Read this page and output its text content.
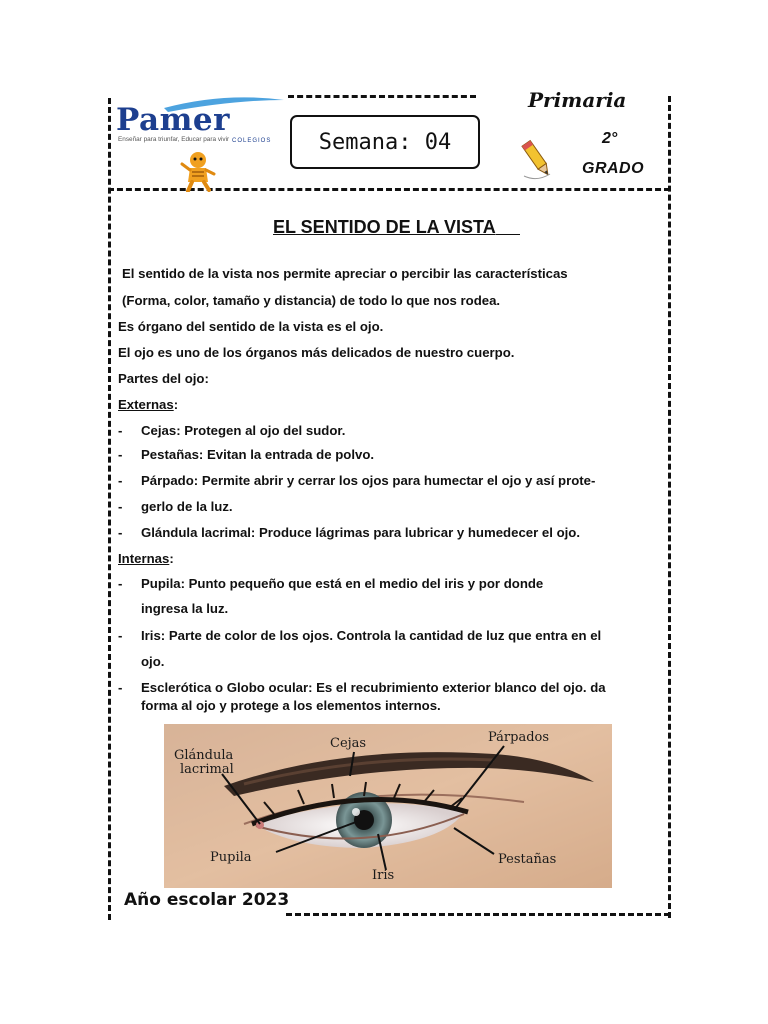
Pamer
COLEGIOS
Enseñar para triunfar, Educar para vivir	Semana: 04
Primaria
2°
GRADO
EL SENTIDO DE LA VISTA
El sentido de la vista nos permite apreciar o percibir las características
(Forma, color, tamaño y distancia) de todo lo que nos rodea.
Es órgano del sentido de la vista es el ojo.
El ojo es uno de los órganos más delicados de nuestro cuerpo.
Partes del ojo:
Externas:
- Cejas: Protegen al ojo del sudor.
- Pestañas: Evitan la entrada de polvo.
- Párpado: Permite abrir y cerrar los ojos para humectar el ojo y así prote-
- gerlo de la luz.
- Glándula lacrimal: Produce lágrimas para lubricar y humedecer el ojo.
Internas:
- Pupila: Punto pequeño que está en el medio del iris y por donde
ingresa la luz.
- Iris: Parte de color de los ojos. Controla la cantidad de luz que entra en el
ojo.
- Esclerótica o Globo ocular: Es el recubrimiento exterior blanco del ojo. da
forma al ojo y protege a los elementos internos.
Glándula
lacrimal
Cejas	Párpados
Pupila
Iris
Pestañas
Año escolar 2023
